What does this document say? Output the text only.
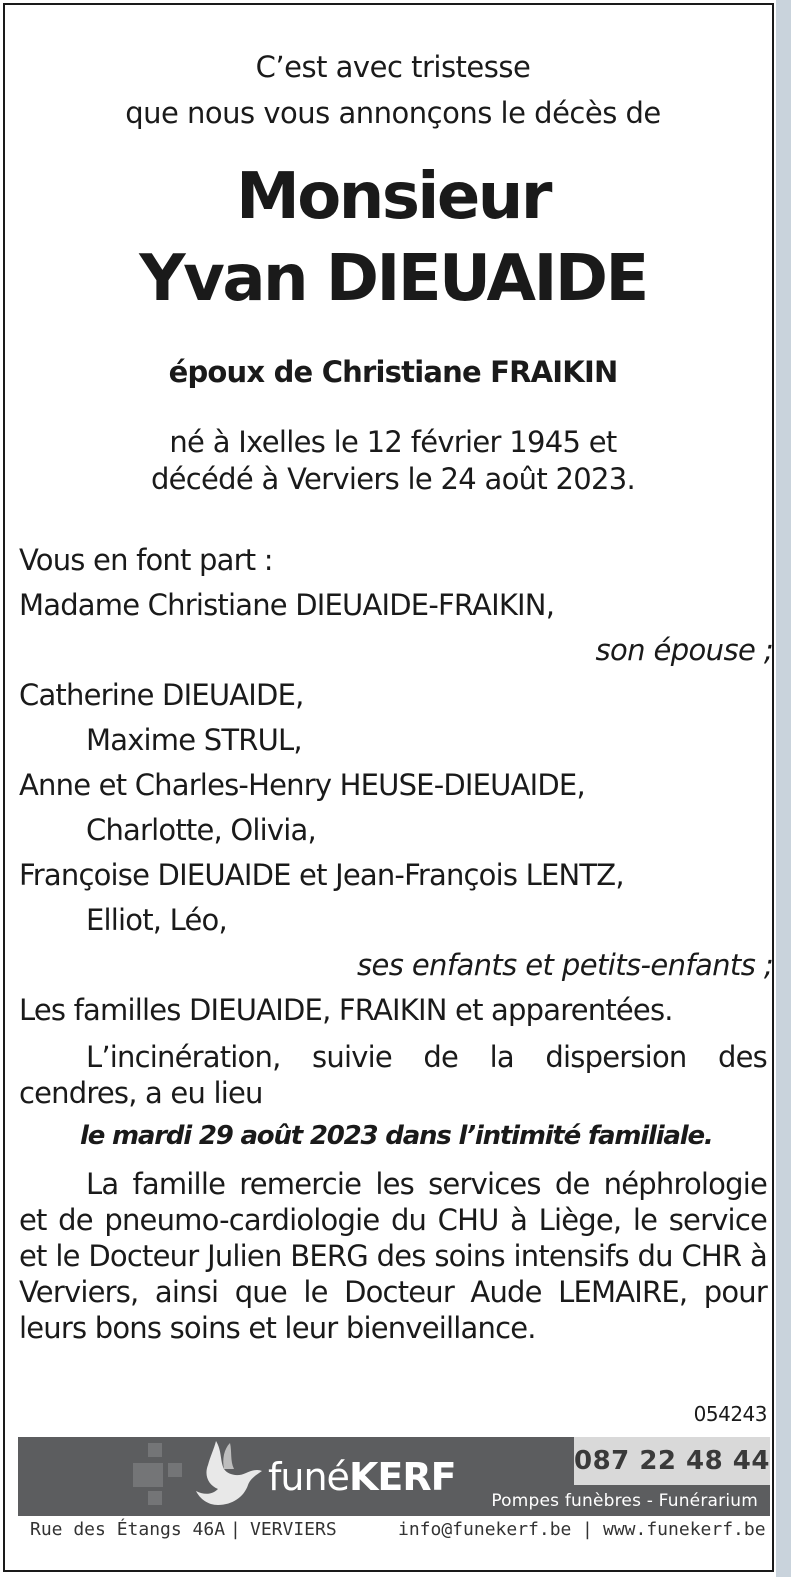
C’est avec tristesse
que nous vous annonçons le décès de
Monsieur
Yvan DIEUAIDE
époux de Christiane FRAIKIN
né à Ixelles le 12 février 1945 et
décédé à Verviers le 24 août 2023.
Vous en font part :
Madame Christiane DIEUAIDE-FRAIKIN,
son épouse ;
Catherine DIEUAIDE,
Maxime STRUL,
Anne et Charles-Henry HEUSE-DIEUAIDE,
Charlotte, Olivia,
Françoise DIEUAIDE et Jean-François LENTZ,
Elliot, Léo,
ses enfants et petits-enfants ;
Les familles DIEUAIDE, FRAIKIN et apparentées.
L’incinération, suivie de la dispersion des cendres, a eu lieu
le mardi 29 août 2023 dans l’intimité familiale.
La famille remercie les services de néphrologie et de pneumo-cardiologie du CHU à Liège, le service et le Docteur Julien BERG des soins intensifs du CHR à Verviers, ainsi que le Docteur Aude LEMAIRE, pour leurs bons soins et leur bienveillance.
054243
funéKERF	087 22 48 44
Pompes funèbres - Funérarium
Rue des Étangs 46A | VERVIERS	info@funekerf.be | www.funekerf.be
